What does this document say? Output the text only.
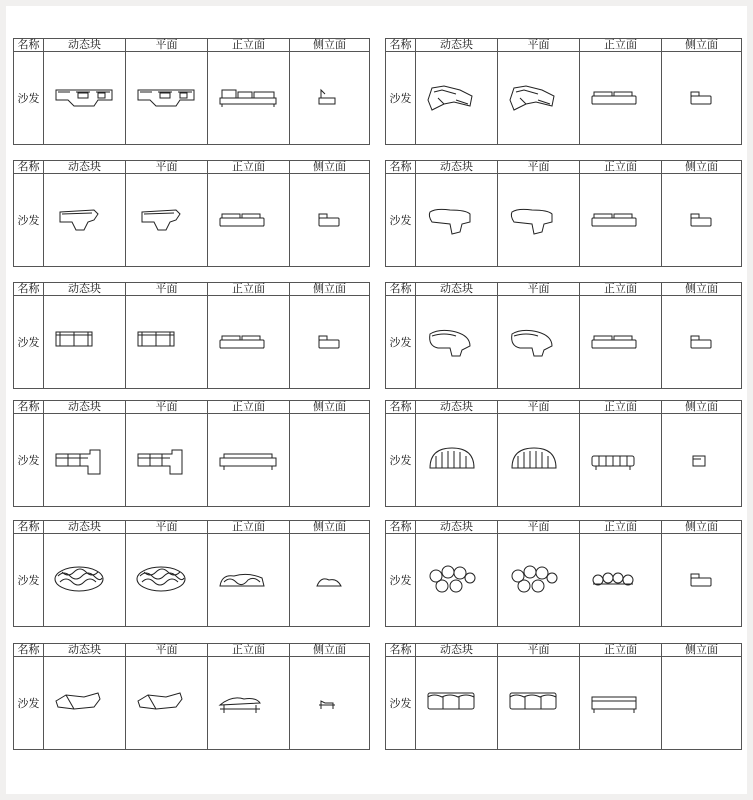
名称	动态块	平面	正立面	侧立面
沙发
名称	动态块	平面	正立面	侧立面
沙发
名称	动态块	平面	正立面	侧立面
沙发
名称	动态块	平面	正立面	侧立面
沙发
名称	动态块	平面	正立面	侧立面
沙发
名称	动态块	平面	正立面	侧立面
沙发
名称	动态块	平面	正立面	侧立面
沙发
名称	动态块	平面	正立面	侧立面
沙发
名称	动态块	平面	正立面	侧立面
沙发
名称	动态块	平面	正立面	侧立面
沙发
名称	动态块	平面	正立面	侧立面
沙发
名称	动态块	平面	正立面	侧立面
沙发
